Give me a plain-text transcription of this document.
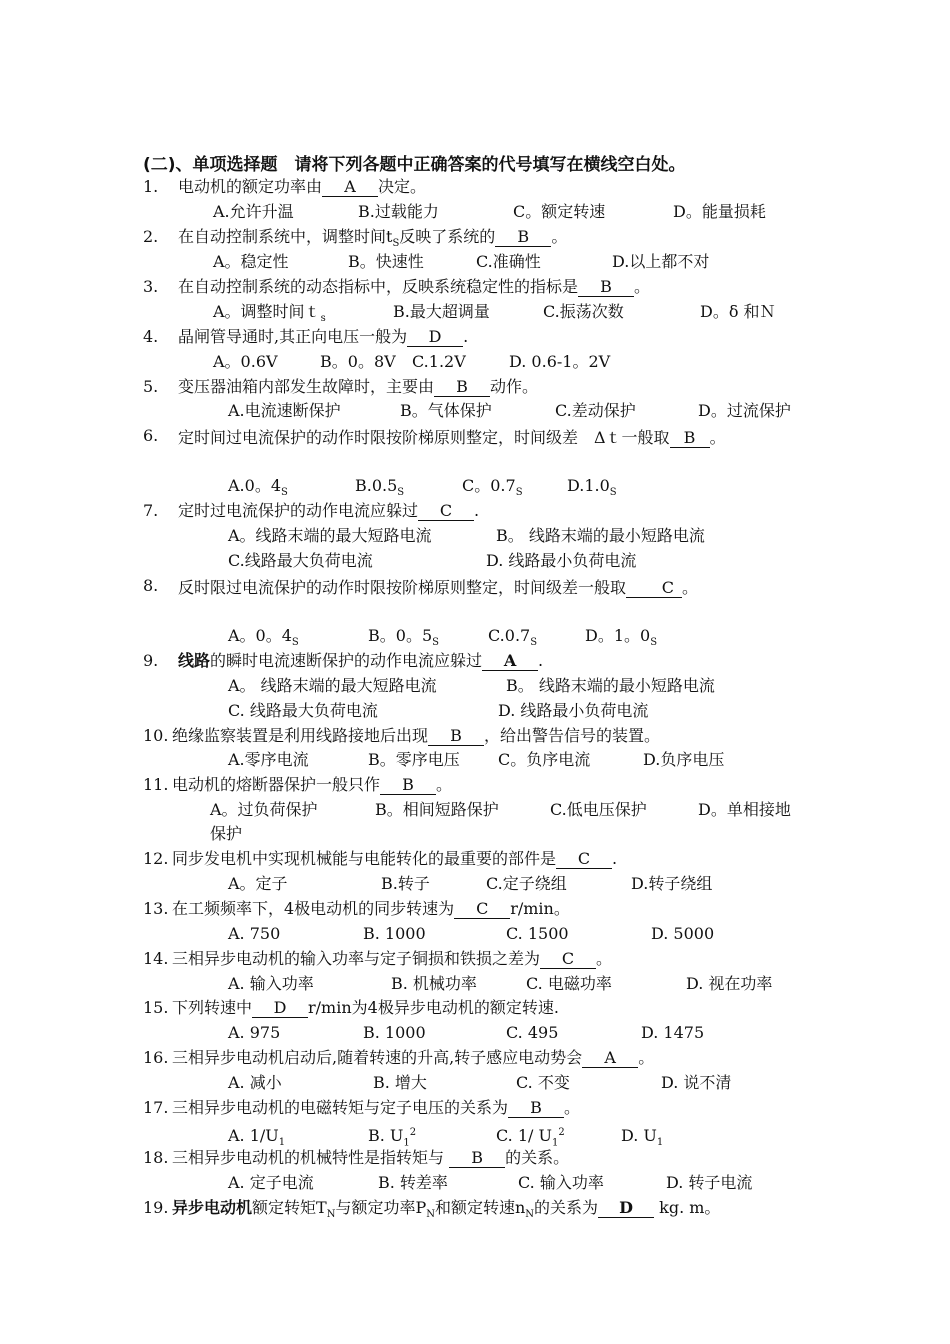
(二)、单项选择题　请将下列各题中正确答案的代号填写在横线空白处。
1. 电动机的额定功率由 A 决定。
A.允许升温	B.过载能力	C。额定转速	D。能量损耗
2. 在自动控制系统中，调整时间$t_S$反映了系统的 B 。
A。稳定性	B。快速性	C.准确性	D.以上都不对
3. 在自动控制系统的动态指标中，反映系统稳定性的指标是 B 。
A。调整时间ｔ$_s$	B.最大超调量	C.振荡次数	D。δ 和Ｎ
4. 晶闸管导通时,其正向电压一般为 D .
A。0.6V	B。0。8V C.1.2V	D. 0.6-1。2V
5. 变压器油箱内部发生故障时，主要由 B 动作。
A.电流速断保护	B。气体保护	C.差动保护	D。过流保护
6. 定时间过电流保护的动作时限按阶梯原则整定，时间级差　Δｔ一般取 B 。
A.0。$4_S$	$B.0.5_S$	C。$0.7_S$	$D.1.0_S$
7. 定时过电流保护的动作电流应躲过 C .
A。线路末端的最大短路电流	B。 线路末端的最小短路电流
C.线路最大负荷电流	D. 线路最小负荷电流
8. 反时限过电流保护的动作时限按阶梯原则整定，时间级差一般取 C 。
A。0。$4_S$	B。0。$5_S$	$C.0.7_S$	D。1。$0_S$
9. 线路的瞬时电流速断保护的动作电流应躲过 A .
A。 线路末端的最大短路电流	B。 线路末端的最小短路电流
C. 线路最大负荷电流	D. 线路最小负荷电流
10. 绝缘监察装置是利用线路接地后出现 B ，给出警告信号的装置。
A.零序电流	B。零序电压 C。负序电流	D.负序电压
11. 电动机的熔断器保护一般只作 B 。
A。过负荷保护	B。相间短路保护	C.低电压保护	D。单相接地
保护
12. 同步发电机中实现机械能与电能转化的最重要的部件是 C .
A。定子	B.转子	C.定子绕组	D.转子绕组
13. 在工频频率下，4极电动机的同步转速为 C r/min。
A. 750	B. 1000	C. 1500	D. 5000
14. 三相异步电动机的输入功率与定子铜损和铁损之差为 C 。
A. 输入功率	B. 机械功率	C. 电磁功率	D. 视在功率
15. 下列转速中 D r/min为4极异步电动机的额定转速.
A. 975	B. 1000	C. 495	D. 1475
16. 三相异步电动机启动后,随着转速的升高,转子感应电动势会 A 。
A. 减小	B. 增大	C. 不变	D. 说不清
17. 三相异步电动机的电磁转矩与定子电压的关系为 B 。
A. $1/U_1$	B. $U_1^2$	C. 1/ $U_1^2$	D. $U_1$
18. 三相异步电动机的机械特性是指转矩与 B 的关系。
A. 定子电流	B. 转差率	C. 输入功率	D. 转子电流
19. 异步电动机额定转矩$T_N$与额定功率$P_N$和额定转速$n_N$的关系为 D kg. m。
